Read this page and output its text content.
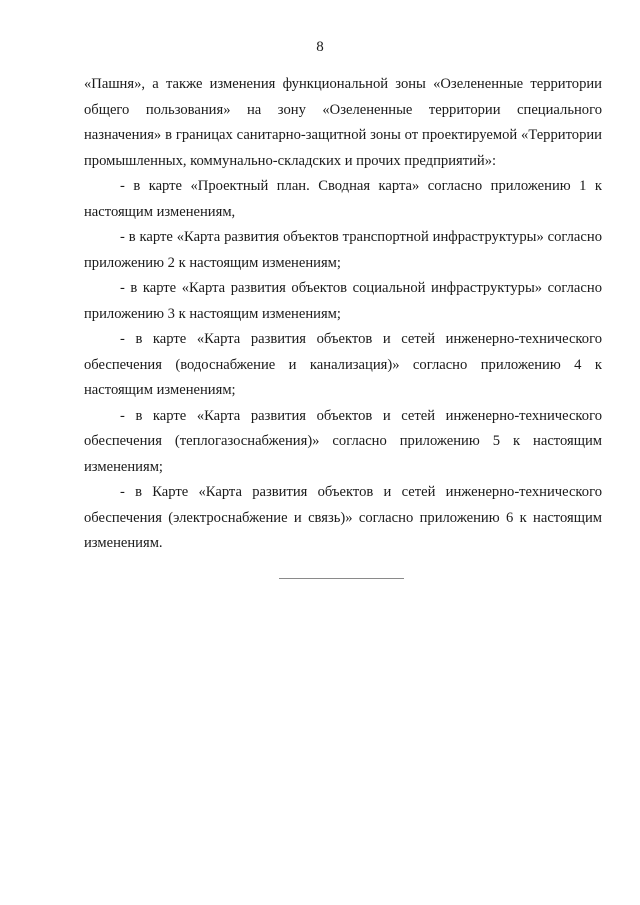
8

«Пашня», а также изменения функциональной зоны «Озелененные территории общего пользования» на зону «Озелененные территории специального назначения» в границах санитарно-защитной зоны от проектируемой «Территории промышленных, коммунально-складских и прочих предприятий»:

- в карте «Проектный план. Сводная карта» согласно приложению 1 к настоящим изменениям,

- в карте «Карта развития объектов транспортной инфраструктуры» согласно приложению 2 к настоящим изменениям;

- в карте «Карта развития объектов социальной инфраструктуры» согласно приложению 3 к настоящим изменениям;

- в карте «Карта развития объектов и сетей инженерно-технического обеспечения (водоснабжение и канализация)» согласно приложению 4 к настоящим изменениям;

- в карте «Карта развития объектов и сетей инженерно-технического обеспечения (теплогазоснабжения)» согласно приложению 5 к настоящим изменениям;

- в Карте «Карта развития объектов и сетей инженерно-технического обеспечения (электроснабжение и связь)» согласно приложению 6 к настоящим изменениям.
